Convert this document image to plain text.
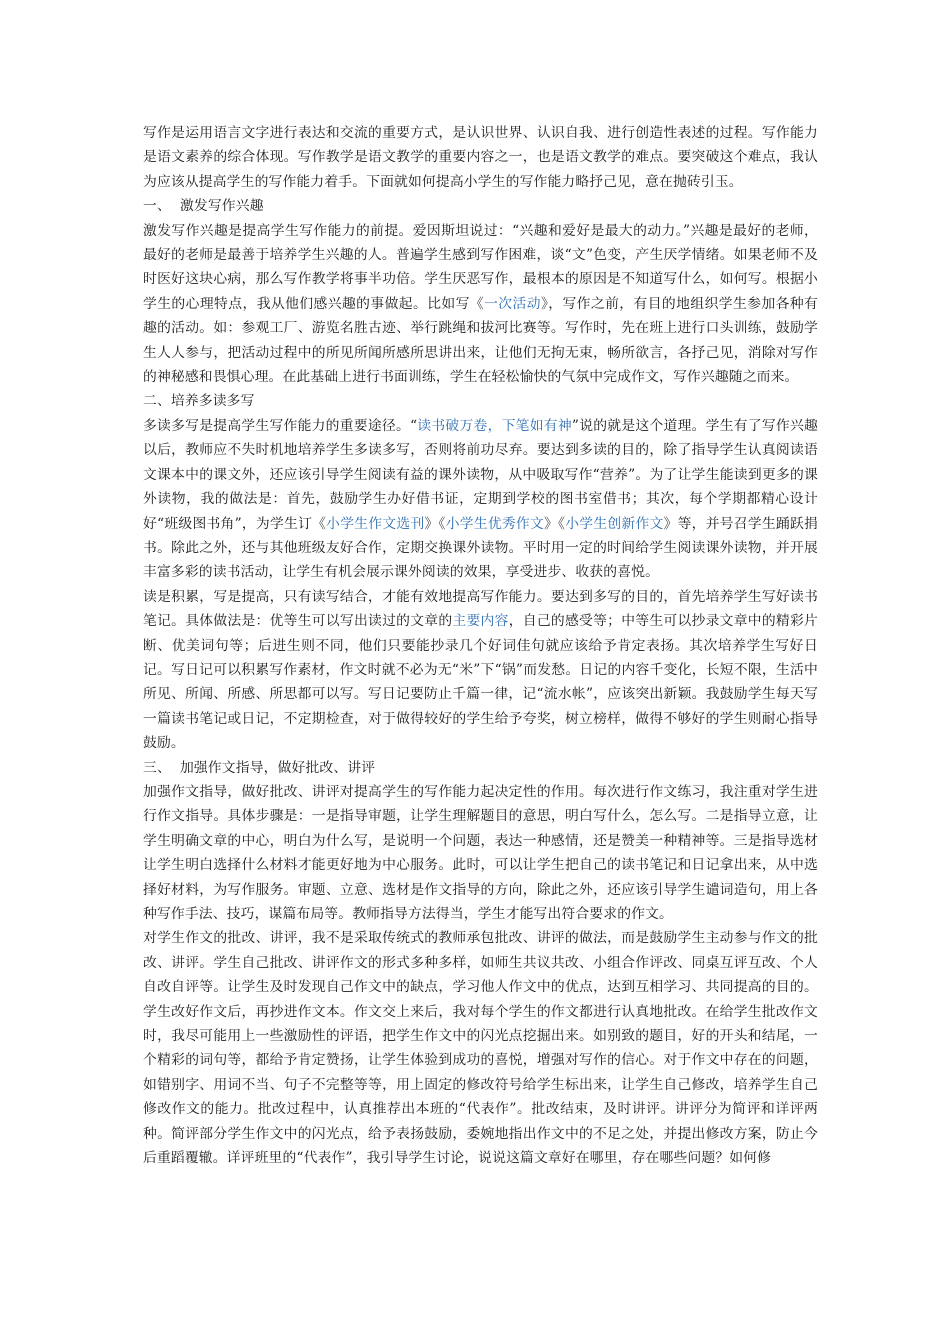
写作是运用语言文字进行表达和交流的重要方式，是认识世界、认识自我、进行创造性表述的过程。写作能力是语文素养的综合体现。写作教学是语文教学的重要内容之一，也是语文教学的难点。要突破这个难点，我认为应该从提高学生的写作能力着手。下面就如何提高小学生的写作能力略抒己见，意在抛砖引玉。

一、  激发写作兴趣

激发写作兴趣是提高学生写作能力的前提。爱因斯坦说过：“兴趣和爱好是最大的动力。”兴趣是最好的老师，最好的老师是最善于培养学生兴趣的人。普遍学生感到写作困难，谈“文”色变，产生厌学情绪。如果老师不及时医好这块心病，那么写作教学将事半功倍。学生厌恶写作，最根本的原因是不知道写什么，如何写。根据小学生的心理特点，我从他们感兴趣的事做起。比如写《一次活动》，写作之前，有目的地组织学生参加各种有趣的活动。如：参观工厂、游览名胜古迹、举行跳绳和拔河比赛等。写作时，先在班上进行口头训练，鼓励学生人人参与，把活动过程中的所见所闻所感所思讲出来，让他们无拘无束，畅所欲言，各抒己见，消除对写作的神秘感和畏惧心理。在此基础上进行书面训练，学生在轻松愉快的气氛中完成作文，写作兴趣随之而来。

二、培养多读多写

多读多写是提高学生写作能力的重要途径。“读书破万卷，下笔如有神”说的就是这个道理。学生有了写作兴趣以后，教师应不失时机地培养学生多读多写，否则将前功尽弃。要达到多读的目的，除了指导学生认真阅读语文课本中的课文外，还应该引导学生阅读有益的课外读物，从中吸取写作“营养”。为了让学生能读到更多的课外读物，我的做法是：首先，鼓励学生办好借书证，定期到学校的图书室借书；其次，每个学期都精心设计好“班级图书角”，为学生订《小学生作文选刊》《小学生优秀作文》《小学生创新作文》等，并号召学生踊跃捐书。除此之外，还与其他班级友好合作，定期交换课外读物。平时用一定的时间给学生阅读课外读物，并开展丰富多彩的读书活动，让学生有机会展示课外阅读的效果，享受进步、收获的喜悦。

读是积累，写是提高，只有读写结合，才能有效地提高写作能力。要达到多写的目的，首先培养学生写好读书笔记。具体做法是：优等生可以写出读过的文章的主要内容，自己的感受等；中等生可以抄录文章中的精彩片断、优美词句等；后进生则不同，他们只要能抄录几个好词佳句就应该给予肯定表扬。其次培养学生写好日记。写日记可以积累写作素材，作文时就不必为无“米”下“锅”而发愁。日记的内容千变化，长短不限，生活中所见、所闻、所感、所思都可以写。写日记要防止千篇一律，记“流水帐”，应该突出新颖。我鼓励学生每天写一篇读书笔记或日记，不定期检查，对于做得较好的学生给予夸奖，树立榜样，做得不够好的学生则耐心指导鼓励。

三、  加强作文指导，做好批改、讲评

加强作文指导，做好批改、讲评对提高学生的写作能力起决定性的作用。每次进行作文练习，我注重对学生进行作文指导。具体步骤是：一是指导审题，让学生理解题目的意思，明白写什么，怎么写。二是指导立意，让学生明确文章的中心，明白为什么写，是说明一个问题，表达一种感情，还是赞美一种精神等。三是指导选材让学生明白选择什么材料才能更好地为中心服务。此时，可以让学生把自己的读书笔记和日记拿出来，从中选择好材料，为写作服务。审题、立意、选材是作文指导的方向，除此之外，还应该引导学生谴词造句，用上各种写作手法、技巧，谋篇布局等。教师指导方法得当，学生才能写出符合要求的作文。

对学生作文的批改、讲评，我不是采取传统式的教师承包批改、讲评的做法，而是鼓励学生主动参与作文的批改、讲评。学生自己批改、讲评作文的形式多种多样，如师生共议共改、小组合作评改、同桌互评互改、个人自改自评等。让学生及时发现自己作文中的缺点，学习他人作文中的优点，达到互相学习、共同提高的目的。学生改好作文后，再抄进作文本。作文交上来后，我对每个学生的作文都进行认真地批改。在给学生批改作文时，我尽可能用上一些激励性的评语，把学生作文中的闪光点挖掘出来。如别致的题目，好的开头和结尾，一个精彩的词句等，都给予肯定赞扬，让学生体验到成功的喜悦，增强对写作的信心。对于作文中存在的问题，如错别字、用词不当、句子不完整等等，用上固定的修改符号给学生标出来，让学生自己修改，培养学生自己修改作文的能力。批改过程中，认真推荐出本班的“代表作”。批改结束，及时讲评。讲评分为简评和详评两种。简评部分学生作文中的闪光点，给予表扬鼓励，委婉地指出作文中的不足之处，并提出修改方案，防止今后重蹈覆辙。详评班里的“代表作”，我引导学生讨论，说说这篇文章好在哪里，存在哪些问题？如何修
